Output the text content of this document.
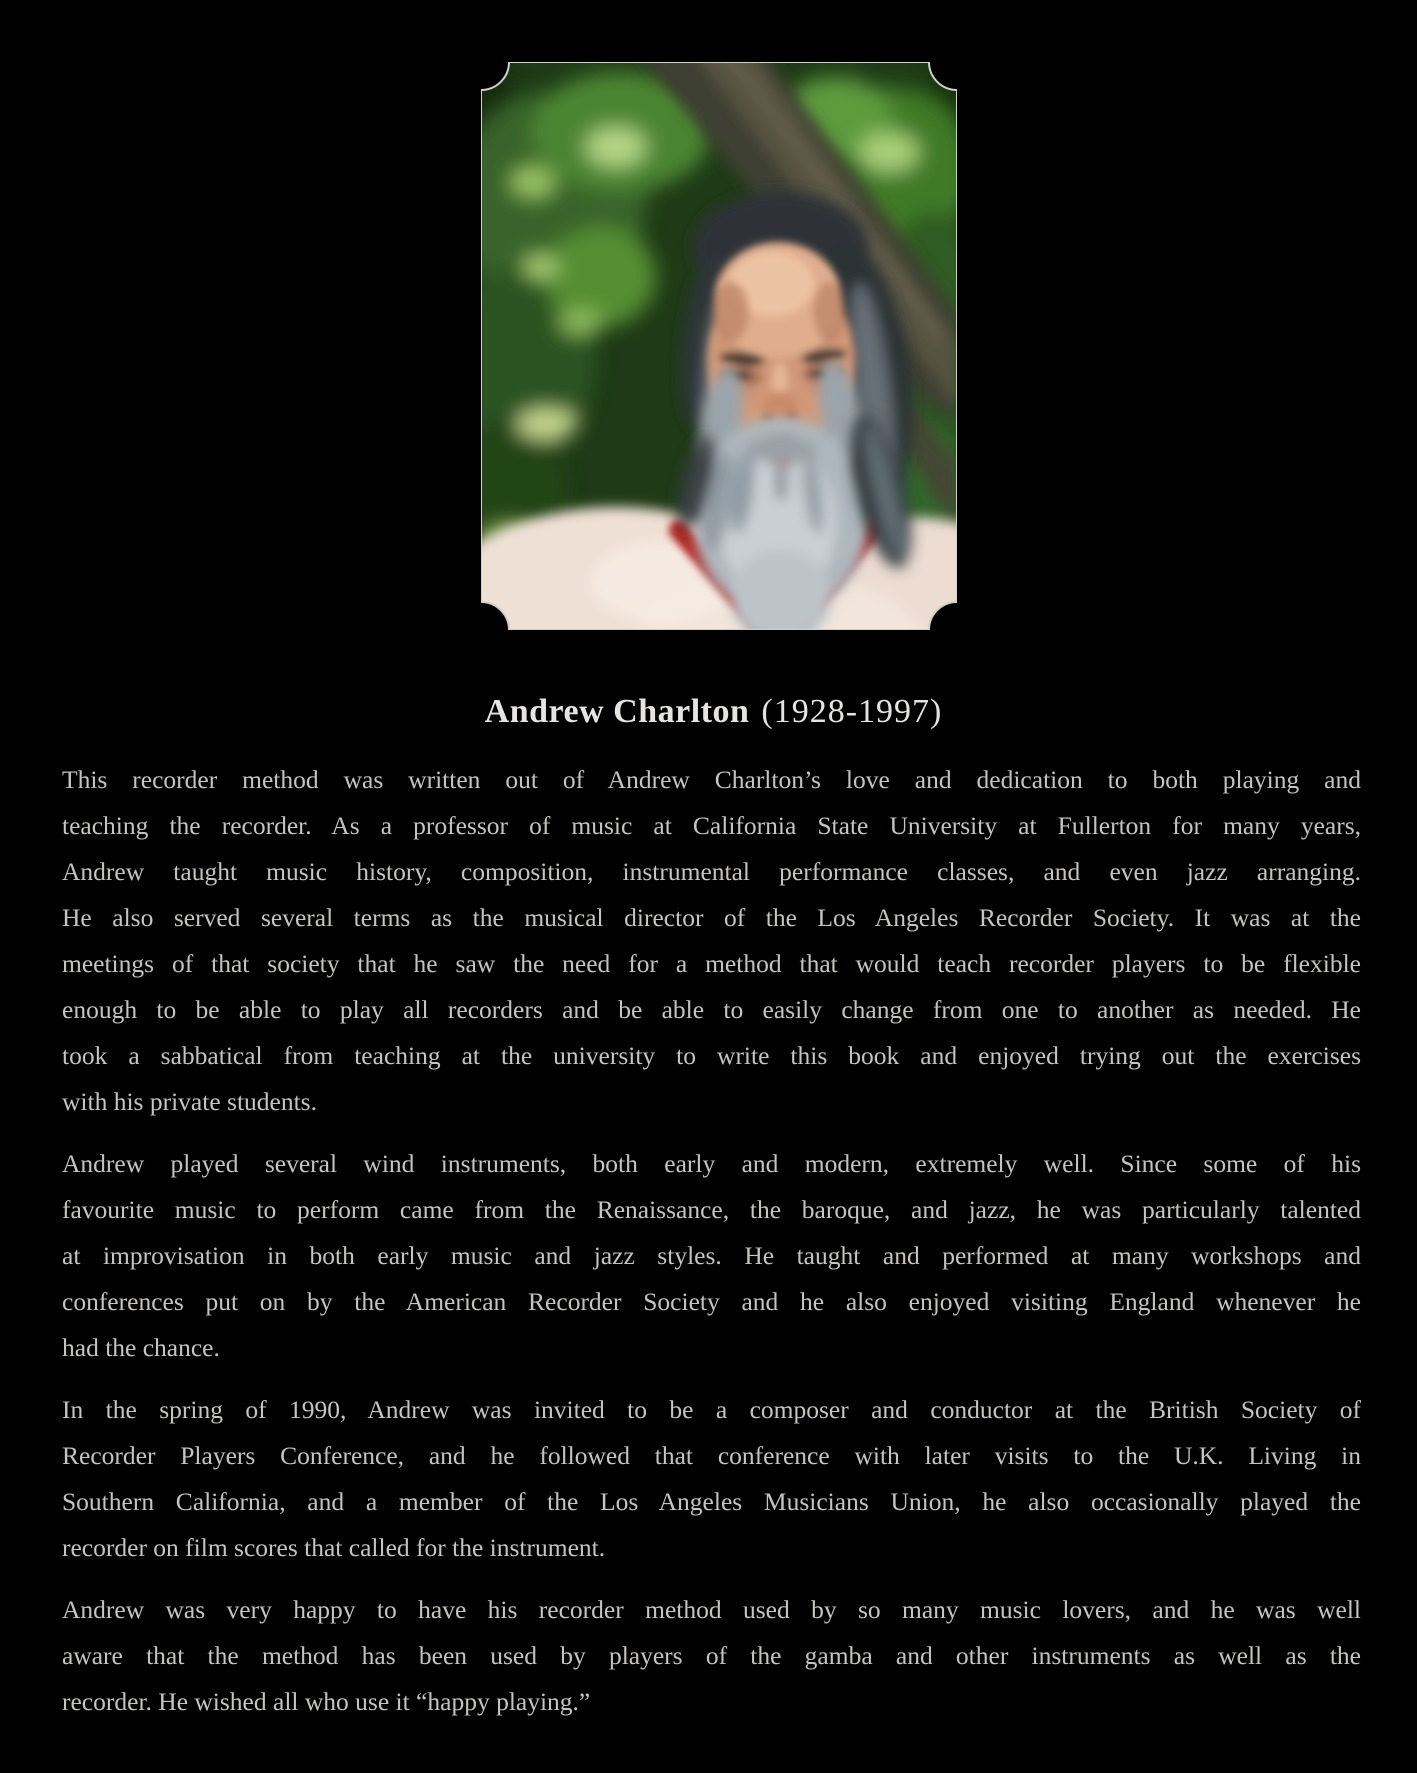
Andrew Charlton (1928-1997)

This recorder method was written out of Andrew Charlton’s love and dedication to both playing and
teaching the recorder. As a professor of music at California State University at Fullerton for many years,
Andrew taught music history, composition, instrumental performance classes, and even jazz arranging.
He also served several terms as the musical director of the Los Angeles Recorder Society. It was at the
meetings of that society that he saw the need for a method that would teach recorder players to be flexible
enough to be able to play all recorders and be able to easily change from one to another as needed. He
took a sabbatical from teaching at the university to write this book and enjoyed trying out the exercises
with his private students.

Andrew played several wind instruments, both early and modern, extremely well. Since some of his
favourite music to perform came from the Renaissance, the baroque, and jazz, he was particularly talented
at improvisation in both early music and jazz styles. He taught and performed at many workshops and
conferences put on by the American Recorder Society and he also enjoyed visiting England whenever he
had the chance.

In the spring of 1990, Andrew was invited to be a composer and conductor at the British Society of
Recorder Players Conference, and he followed that conference with later visits to the U.K. Living in
Southern California, and a member of the Los Angeles Musicians Union, he also occasionally played the
recorder on film scores that called for the instrument.

Andrew was very happy to have his recorder method used by so many music lovers, and he was well
aware that the method has been used by players of the gamba and other instruments as well as the
recorder. He wished all who use it “happy playing.”
